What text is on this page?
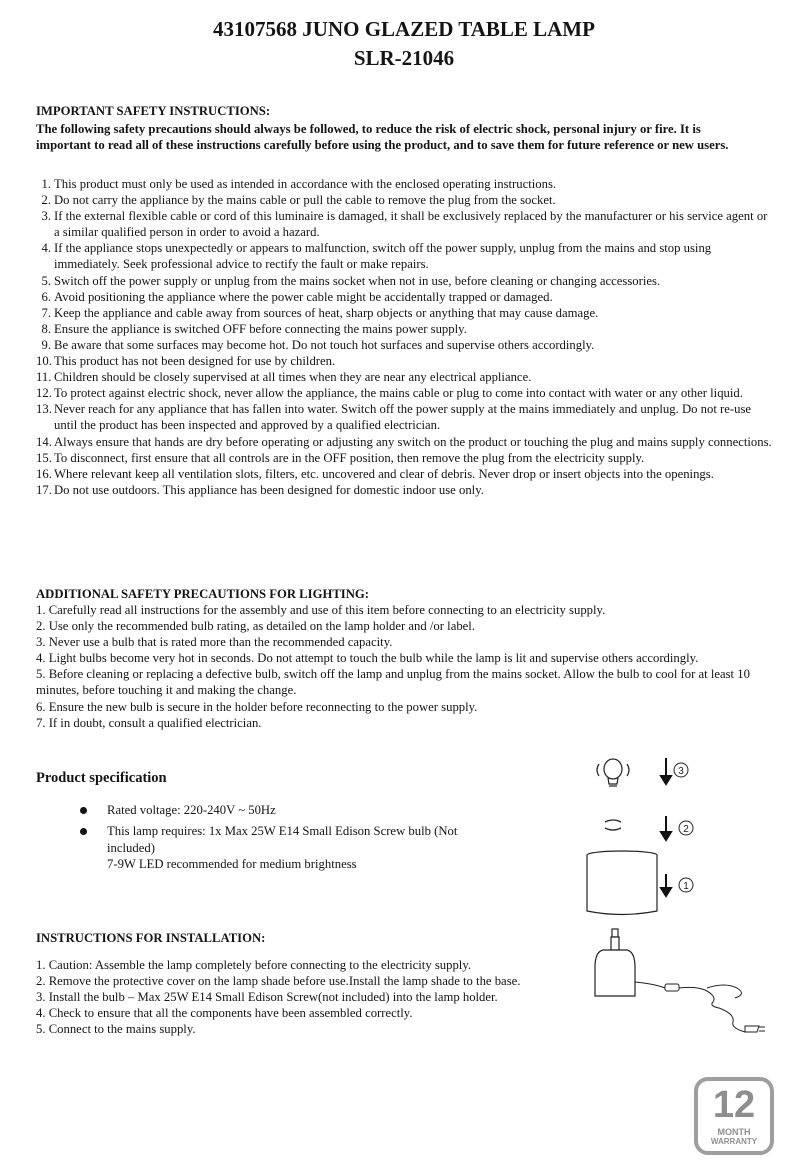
43107568 JUNO GLAZED TABLE LAMP
SLR-21046
IMPORTANT SAFETY INSTRUCTIONS:
The following safety precautions should always be followed, to reduce the risk of electric shock, personal injury or fire. It is important to read all of these instructions carefully before using the product, and to save them for future reference or new users.
1. This product must only be used as intended in accordance with the enclosed operating instructions.
2. Do not carry the appliance by the mains cable or pull the cable to remove the plug from the socket.
3. If the external flexible cable or cord of this luminaire is damaged, it shall be exclusively replaced by the manufacturer or his service agent or a similar qualified person in order to avoid a hazard.
4. If the appliance stops unexpectedly or appears to malfunction, switch off the power supply, unplug from the mains and stop using immediately. Seek professional advice to rectify the fault or make repairs.
5. Switch off the power supply or unplug from the mains socket when not in use, before cleaning or changing accessories.
6. Avoid positioning the appliance where the power cable might be accidentally trapped or damaged.
7. Keep the appliance and cable away from sources of heat, sharp objects or anything that may cause damage.
8. Ensure the appliance is switched OFF before connecting the mains power supply.
9. Be aware that some surfaces may become hot. Do not touch hot surfaces and supervise others accordingly.
10. This product has not been designed for use by children.
11. Children should be closely supervised at all times when they are near any electrical appliance.
12. To protect against electric shock, never allow the appliance, the mains cable or plug to come into contact with water or any other liquid.
13. Never reach for any appliance that has fallen into water. Switch off the power supply at the mains immediately and unplug. Do not re-use until the product has been inspected and approved by a qualified electrician.
14. Always ensure that hands are dry before operating or adjusting any switch on the product or touching the plug and mains supply connections.
15. To disconnect, first ensure that all controls are in the OFF position, then remove the plug from the electricity supply.
16. Where relevant keep all ventilation slots, filters, etc. uncovered and clear of debris. Never drop or insert objects into the openings.
17. Do not use outdoors. This appliance has been designed for domestic indoor use only.
ADDITIONAL SAFETY PRECAUTIONS FOR LIGHTING:
1. Carefully read all instructions for the assembly and use of this item before connecting to an electricity supply.
2. Use only the recommended bulb rating, as detailed on the lamp holder and /or label.
3. Never use a bulb that is rated more than the recommended capacity.
4. Light bulbs become very hot in seconds. Do not attempt to touch the bulb while the lamp is lit and supervise others accordingly.
5. Before cleaning or replacing a defective bulb, switch off the lamp and unplug from the mains socket. Allow the bulb to cool for at least 10 minutes, before touching it and making the change.
6. Ensure the new bulb is secure in the holder before reconnecting to the power supply.
7. If in doubt, consult a qualified electrician.
Product specification
Rated voltage: 220-240V ~ 50Hz
This lamp requires: 1x Max 25W E14 Small Edison Screw bulb (Not included)
7-9W LED recommended for medium brightness
INSTRUCTIONS FOR INSTALLATION:
1. Caution: Assemble the lamp completely before connecting to the electricity supply.
2. Remove the protective cover on the lamp shade before use.Install the lamp shade to the base.
3. Install the bulb – Max 25W E14 Small Edison Screw(not included) into the lamp holder.
4. Check to ensure that all the components have been assembled correctly.
5. Connect to the mains supply.
3
2
1
12
MONTH
WARRANTY
